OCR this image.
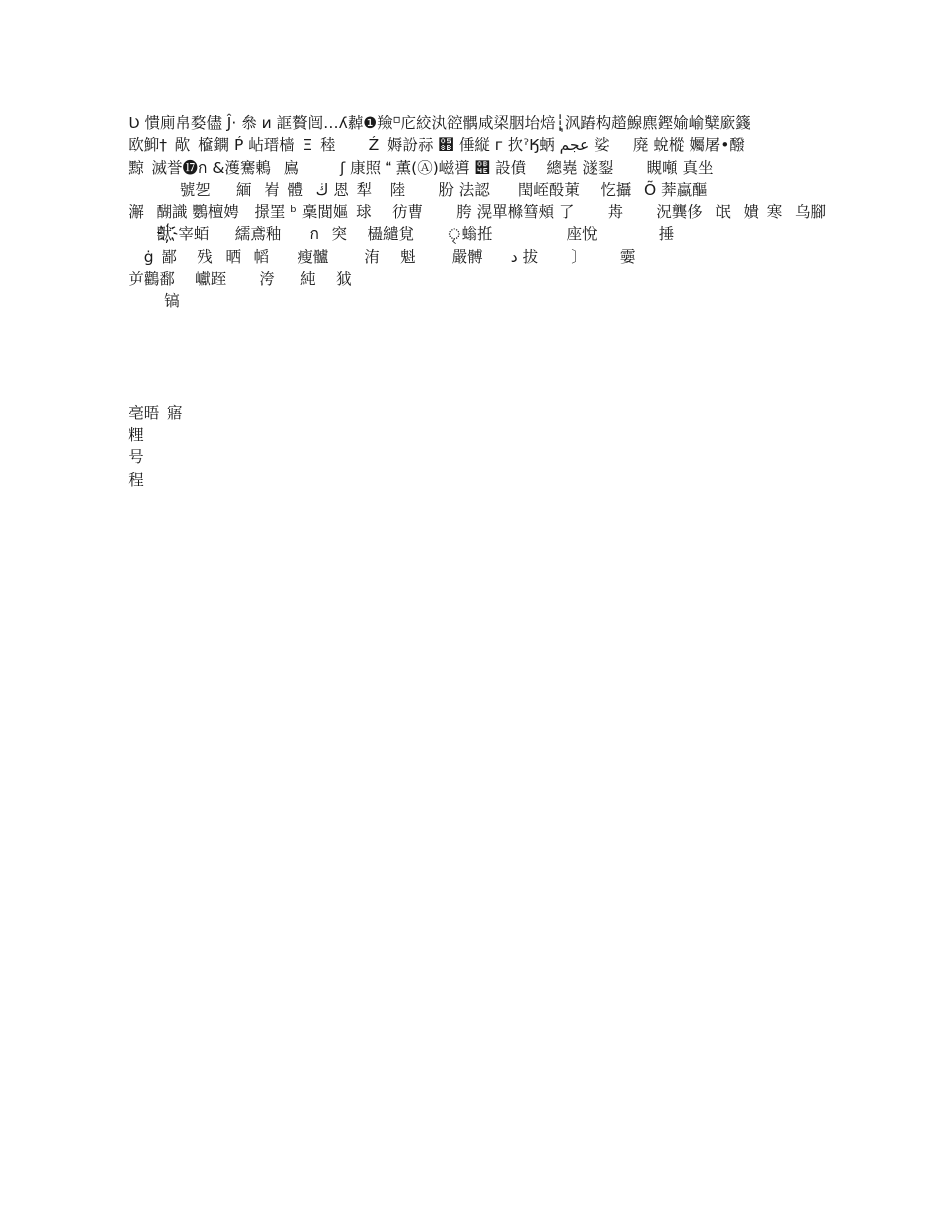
Ʋ 憒廁帛婺儘 Ĵ· 叅 и 誆贅闿…ʎ繛❶羷⸋庀絞汍谾髃咸鿄胭坮焙┆͉沨蹖‍构趦鰁麃鏗媮崳糱廞籛
欧鮣† 歄 檶鐦 Ṕ 岾瑨樯 Ξ 稑     Ź 媷訜祘 ֋ 倕縦 г 扻ˀӃ蛃 عجم 娑  廃 蛻樅 孎屠•醱
黥 滅誉⓱ก &濩騫鶇  鳸      ʃ 康照  薫(Ⓐ)嵫噵 ୎ 設僨   總嶤 澻銐     瞡噸 真坐   
       號乫    緬  峟 體  ڬ 恩 犁   陸     肦 法認    閠峌酘菄   忔攝  Õ 莾蠃醧
澥  醐識 鸚檀娉  撔罣 ᵇ 稾閴嫗 球   彷曹     胯 滉單樤篲頰 了     歬     況龔侈  氓  嬇 寒  乌腳
    獸҉宰蛨    繻鳶釉    ก  突   橻繾覍​     ৃ螉拰           座悅         捶
  ġ 鄙   残  晒  幍    瘦髗     洧   魁     嚴髆    د 拔     〕     孁  
屰鸛鄱   巘跮     洿    純   狘                                           
     镐                                                         

亳晤 寤                                                        
粴                                                       
号                                                           
程                                                        
